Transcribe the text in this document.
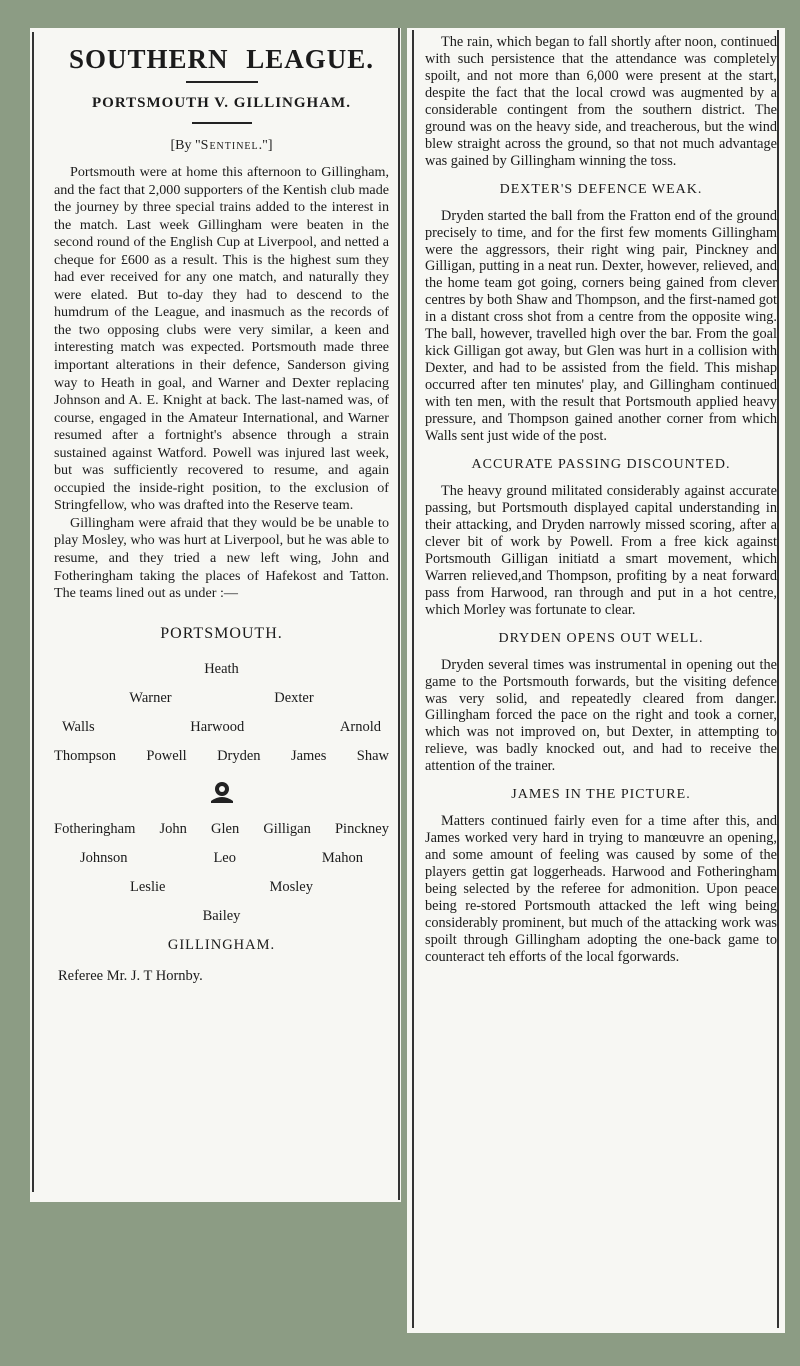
SOUTHERN LEAGUE.
PORTSMOUTH V. GILLINGHAM.
[By "Sentinel."]

Portsmouth were at home this afternoon to Gillingham, and the fact that 2,000 supporters of the Kentish club made the journey by three special trains added to the interest in the match. Last week Gillingham were beaten in the second round of the English Cup at Liverpool, and netted a cheque for £600 as a result. This is the highest sum they had ever received for any one match, and naturally they were elated. But to-day they had to descend to the humdrum of the League, and inasmuch as the records of the two opposing clubs were very similar, a keen and interesting match was expected. Portsmouth made three important alterations in their defence, Sanderson giving way to Heath in goal, and Warner and Dexter replacing Johnson and A. E. Knight at back. The last-named was, of course, engaged in the Amateur International, and Warner resumed after a fortnight's absence through a strain sustained against Watford. Powell was injured last week, but was sufficiently recovered to resume, and again occupied the inside-right position, to the exclusion of Stringfellow, who was drafted into the Reserve team.

Gillingham were afraid that they would be be unable to play Mosley, who was hurt at Liverpool, but he was able to resume, and they tried a new left wing, John and Fotheringham taking the places of Hafekost and Tatton. The teams lined out as under :—

PORTSMOUTH.
Heath
Warner	Dexter
Walls	Harwood	Arnold
Thompson Powell Dryden James Shaw
Fotheringham John Glen Gilligan Pinckney
Johnson	Leo	Mahon
Leslie	Mosley
Bailey
GILLINGHAM.
Referee Mr. J. T Hornby.

The rain, which began to fall shortly after noon, continued with such persistence that the attendance was completely spoilt, and not more than 6,000 were present at the start, despite the fact that the local crowd was augmented by a considerable contingent from the southern district. The ground was on the heavy side, and treacherous, but the wind blew straight across the ground, so that not much advantage was gained by Gillingham winning the toss.

DEXTER'S DEFENCE WEAK.

Dryden started the ball from the Fratton end of the ground precisely to time, and for the first few moments Gillingham were the aggressors, their right wing pair, Pinckney and Gilligan, putting in a neat run. Dexter, however, relieved, and the home team got going, corners being gained from clever centres by both Shaw and Thompson, and the first-named got in a distant cross shot from a centre from the opposite wing. The ball, however, travelled high over the bar. From the goal kick Gilligan got away, but Glen was hurt in a collision with Dexter, and had to be assisted from the field. This mishap occurred after ten minutes' play, and Gillingham continued with ten men, with the result that Portsmouth applied heavy pressure, and Thompson gained another corner from which Walls sent just wide of the post.

ACCURATE PASSING DISCOUNTED.

The heavy ground militated considerably against accurate passing, but Portsmouth displayed capital understanding in their attacking, and Dryden narrowly missed scoring, after a clever bit of work by Powell. From a free kick against Portsmouth Gilligan initiatd a smart movement, which Warren relieved,and Thompson, profiting by a neat forward pass from Harwood, ran through and put in a hot centre, which Morley was fortunate to clear.

DRYDEN OPENS OUT WELL.

Dryden several times was instrumental in opening out the game to the Portsmouth forwards, but the visiting defence was very solid, and repeatedly cleared from danger. Gillingham forced the pace on the right and took a corner, which was not improved on, but Dexter, in attempting to relieve, was badly knocked out, and had to receive the attention of the trainer.

JAMES IN THE PICTURE.

Matters continued fairly even for a time after this, and James worked very hard in trying to manœuvre an opening, and some amount of feeling was caused by some of the players gettin gat loggerheads. Harwood and Fotheringham being selected by the referee for admonition. Upon peace being re-stored Portsmouth attacked the left wing being considerably prominent, but much of the attacking work was spoilt through Gillingham adopting the one-back game to counteract teh efforts of the local fgorwards.
